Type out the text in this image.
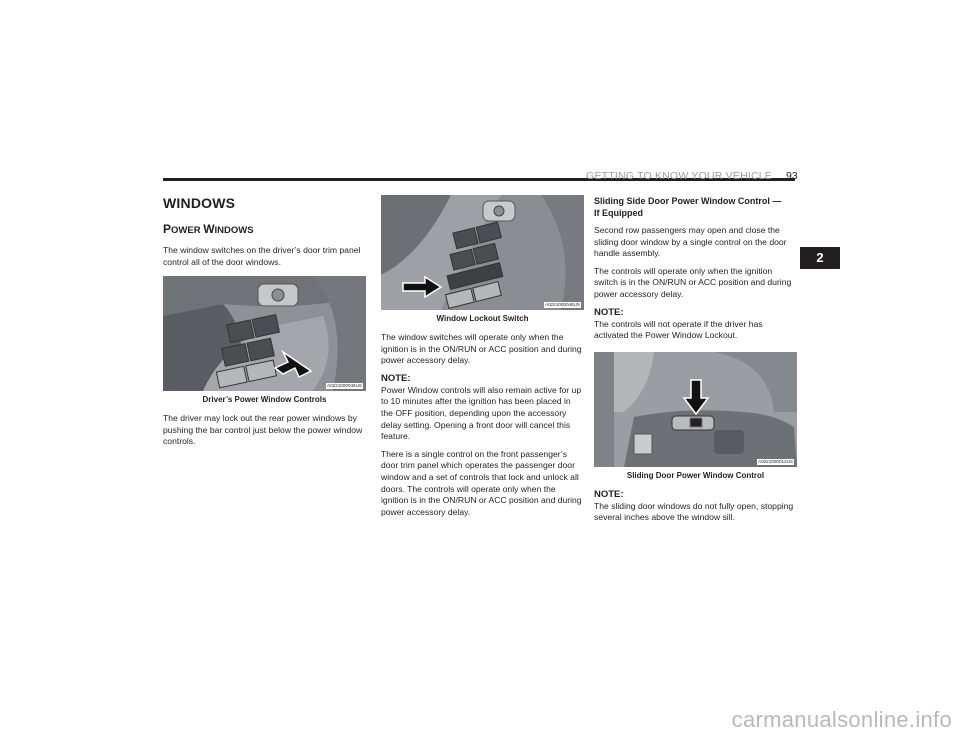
GETTING TO KNOW YOUR VEHICLE 93
2
WINDOWS
POWER WINDOWS

The window switches on the driver’s door trim panel control all of the door windows.

A0221000046US
Driver’s Power Window Controls

The driver may lock out the rear power windows by pushing the bar control just below the power window controls.

A0221000048US
Window Lockout Switch

The window switches will operate only when the ignition is in the ON/RUN or ACC position and during power accessory delay.

NOTE:

Power Window controls will also remain active for up to 10 minutes after the ignition has been placed in the OFF position, depending upon the accessory delay setting. Opening a front door will cancel this feature.

There is a single control on the front passenger’s door trim panel which operates the passenger door window and a set of controls that lock and unlock all doors. The controls will operate only when the ignition is in the ON/RUN or ACC position and during power accessory delay.

Sliding Side Door Power Window Control —
If Equipped

Second row passengers may open and close the sliding door window by a single control on the door handle assembly.

The controls will operate only when the ignition switch is in the ON/RUN or ACC position and during power accessory delay.

NOTE:

The controls will not operate if the driver has activated the Power Window Lockout.

A0221000013US
Sliding Door Power Window Control
NOTE:

The sliding door windows do not fully open, stopping several inches above the window sill.

carmanualsonline.info
